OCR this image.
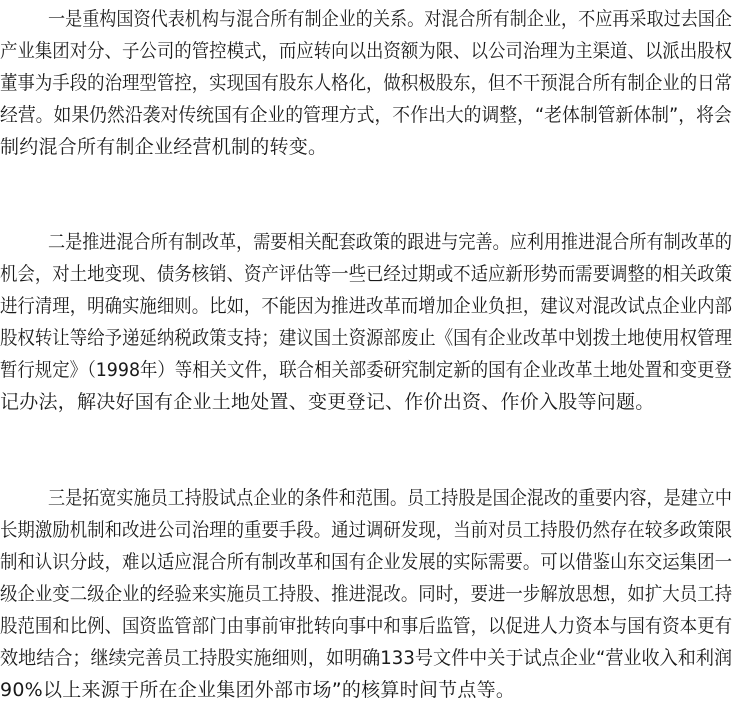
一是重构国资代表机构与混合所有制企业的关系。对混合所有制企业，不应再采取过去国企
产业集团对分、子公司的管控模式，而应转向以出资额为限、以公司治理为主渠道、以派出股权
董事为手段的治理型管控，实现国有股东人格化，做积极股东，但不干预混合所有制企业的日常
经营。如果仍然沿袭对传统国有企业的管理方式，不作出大的调整，“老体制管新体制”，将会
制约混合所有制企业经营机制的转变。
二是推进混合所有制改革，需要相关配套政策的跟进与完善。应利用推进混合所有制改革的
机会，对土地变现、债务核销、资产评估等一些已经过期或不适应新形势而需要调整的相关政策
进行清理，明确实施细则。比如，不能因为推进改革而增加企业负担，建议对混改试点企业内部
股权转让等给予递延纳税政策支持；建议国土资源部废止《国有企业改革中划拨土地使用权管理
暂行规定》（1998年）等相关文件，联合相关部委研究制定新的国有企业改革土地处置和变更登
记办法，解决好国有企业土地处置、变更登记、作价出资、作价入股等问题。
三是拓宽实施员工持股试点企业的条件和范围。员工持股是国企混改的重要内容，是建立中
长期激励机制和改进公司治理的重要手段。通过调研发现，当前对员工持股仍然存在较多政策限
制和认识分歧，难以适应混合所有制改革和国有企业发展的实际需要。可以借鉴山东交运集团一
级企业变二级企业的经验来实施员工持股、推进混改。同时，要进一步解放思想，如扩大员工持
股范围和比例、国资监管部门由事前审批转向事中和事后监管，以促进人力资本与国有资本更有
效地结合；继续完善员工持股实施细则，如明确133号文件中关于试点企业“营业收入和利润
90%以上来源于所在企业集团外部市场”的核算时间节点等。
